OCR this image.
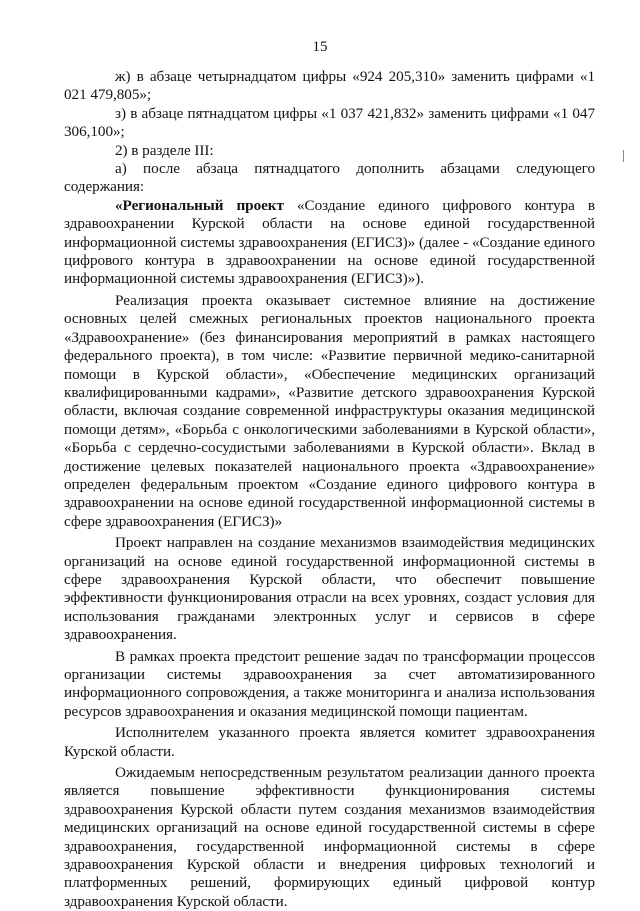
15

ж) в абзаце четырнадцатом цифры «924 205,310» заменить цифрами «1 021 479,805»;

з) в абзаце пятнадцатом цифры «1 037 421,832» заменить цифрами «1 047 306,100»;

2) в разделе III:

а) после абзаца пятнадцатого дополнить абзацами следующего содержания:

«Региональный проект «Создание единого цифрового контура в здравоохранении Курской области на основе единой государственной информационной системы здравоохранения (ЕГИСЗ)» (далее - «Создание единого цифрового контура в здравоохранении на основе единой государственной информационной системы здравоохранения (ЕГИСЗ)»).

Реализация проекта оказывает системное влияние на достижение основных целей смежных региональных проектов национального проекта «Здравоохранение» (без финансирования мероприятий в рамках настоящего федерального проекта), в том числе: «Развитие первичной медико-санитарной помощи в Курской области», «Обеспечение медицинских организаций квалифицированными кадрами», «Развитие детского здравоохранения Курской области, включая создание современной инфраструктуры оказания медицинской помощи детям», «Борьба с онкологическими заболеваниями в Курской области», «Борьба с сердечно-сосудистыми заболеваниями в Курской области». Вклад в достижение целевых показателей национального проекта «Здравоохранение» определен федеральным проектом «Создание единого цифрового контура в здравоохранении на основе единой государственной информационной системы в сфере здравоохранения (ЕГИСЗ)»

Проект направлен на создание механизмов взаимодействия медицинских организаций на основе единой государственной информационной системы в сфере здравоохранения Курской области, что обеспечит повышение эффективности функционирования отрасли на всех уровнях, создаст условия для использования гражданами электронных услуг и сервисов в сфере здравоохранения.

В рамках проекта предстоит решение задач по трансформации процессов организации системы здравоохранения за счет автоматизированного информационного сопровождения, а также мониторинга и анализа использования ресурсов здравоохранения и оказания медицинской помощи пациентам.

Исполнителем указанного проекта является комитет здравоохранения Курской области.

Ожидаемым непосредственным результатом реализации данного проекта является повышение эффективности функционирования системы здравоохранения Курской области путем создания механизмов взаимодействия медицинских организаций на основе единой государственной системы в сфере здравоохранения, государственной информационной системы в сфере здравоохранения Курской области и внедрения цифровых технологий и платформенных решений, формирующих единый цифровой контур здравоохранения Курской области.
